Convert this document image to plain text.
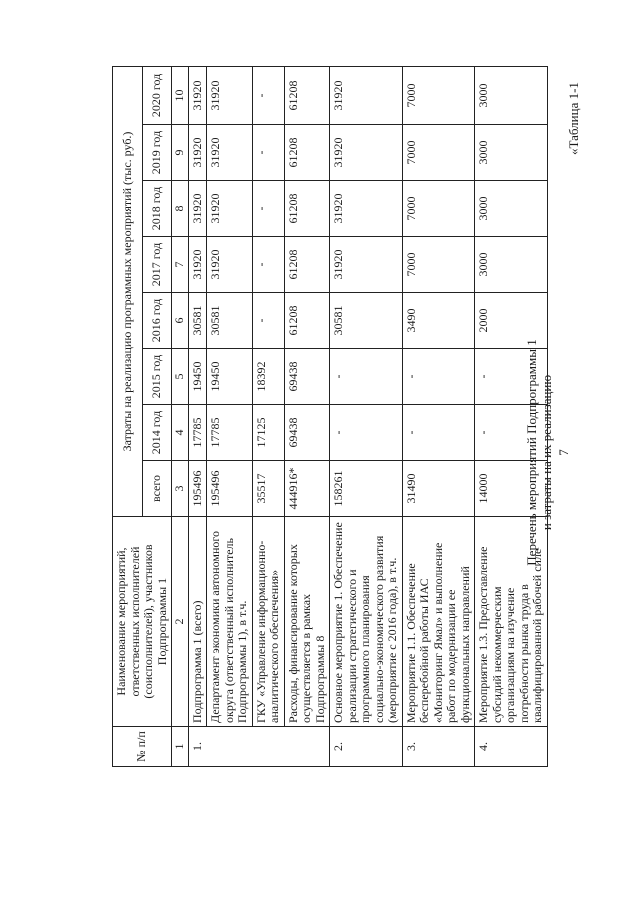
«Таблица 1-1
7
Перечень мероприятий Подпрограммы 1 и затраты на их реализацию
№ п/п	Наименование мероприятий, ответственных исполнителей (соисполнителей), участников Подпрограммы 1	Затраты на реализацию программных мероприятий (тыс. руб.)							
		всего	2014 год	2015 год	2016 год	2017 год	2018 год	2019 год	2020 год
1	2	3	4	5	6	7	8	9	10
1.	Подпрограмма 1 (всего)	195496	17785	19450	30581	31920	31920	31920	31920
	Департамент экономики автономного округа (ответственный исполнитель Подпрограммы 1), в т.ч.	195496	17785	19450	30581	31920	31920	31920	31920
	ГКУ «Управление информационно-аналитического обеспечения»	35517	17125	18392	-	-	-	-	-
	Расходы, финансирование которых осуществляется в рамках Подпрограммы 8	444916*	69438	69438	61208	61208	61208	61208	61208
2.	Основное мероприятие 1. Обеспечение реализации стратегического и программного планирования социально-экономического развития (мероприятие с 2016 года), в т.ч.	158261	-	-	30581	31920	31920	31920	31920
3.	Мероприятие 1.1. Обеспечение бесперебойной работы ИАС «Мониторинг Ямал» и выполнение работ по модернизации ее функциональных направлений	31490	-	-	3490	7000	7000	7000	7000
4.	Мероприятие 1.3. Предоставление субсидий некоммерческим организациям на изучение потребности рынка труда в квалифицированной рабочей силе	14000	-	-	2000	3000	3000	3000	3000
